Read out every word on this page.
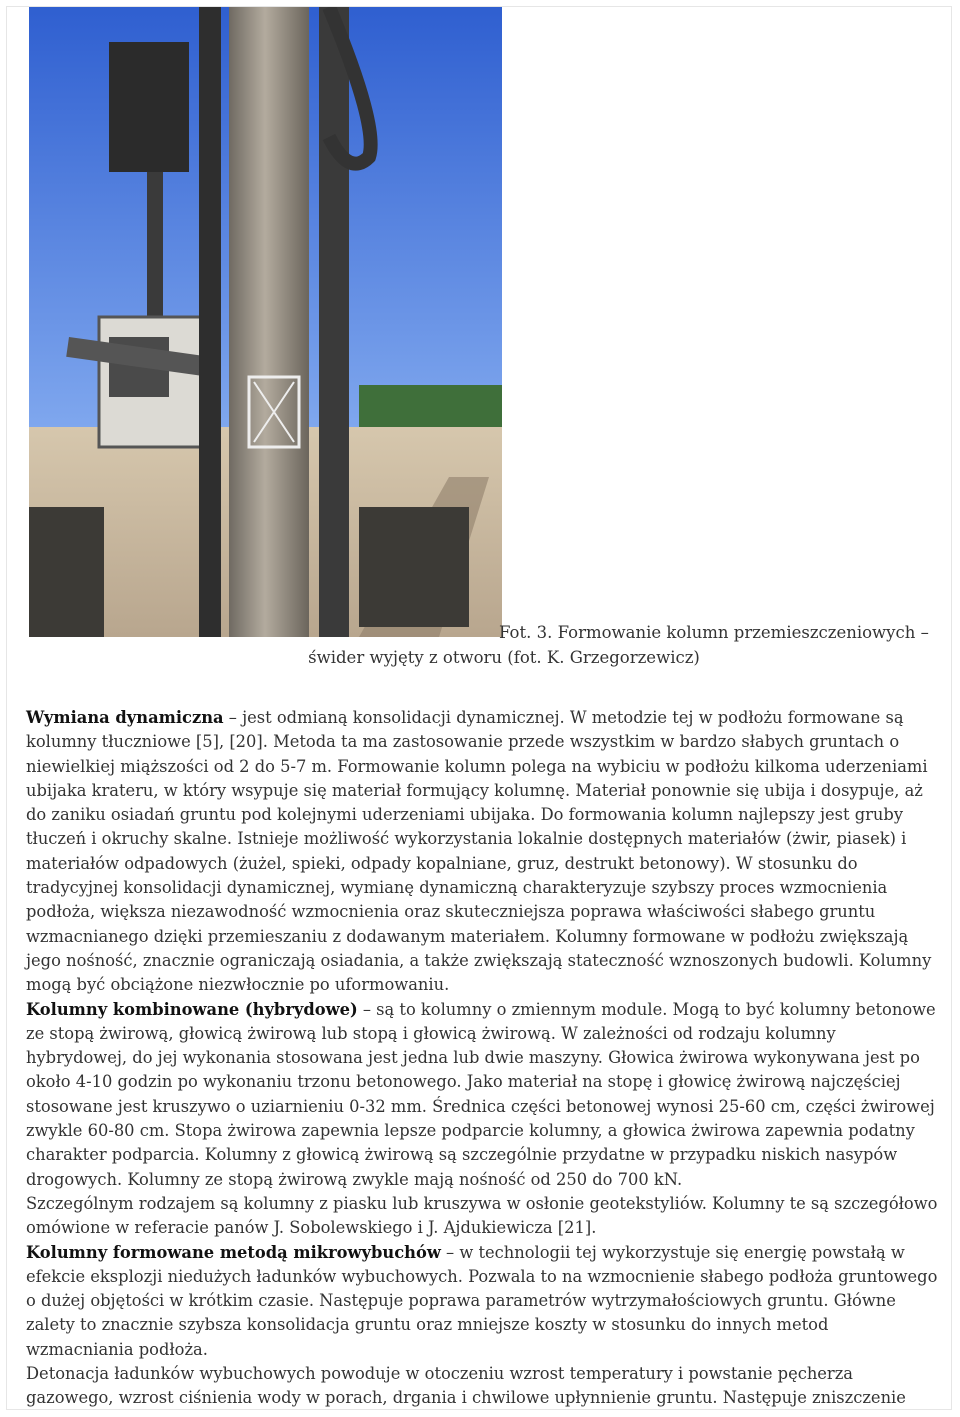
Fot. 3. Formowanie kolumn przemieszczeniowych –
świder wyjęty z otworu (fot. K. Grzegorzewicz)

Wymiana dynamiczna – jest odmianą konsolidacji dynamicznej. W metodzie tej w podłożu formowane są kolumny tłuczniowe [5], [20]. Metoda ta ma zastosowanie przede wszystkim w bardzo słabych gruntach o niewielkiej miąższości od 2 do 5-7 m. Formowanie kolumn polega na wybiciu w podłożu kilkoma uderzeniami ubijaka krateru, w który wsypuje się materiał formujący kolumnę. Materiał ponownie się ubija i dosypuje, aż do zaniku osiadań gruntu pod kolejnymi uderzeniami ubijaka. Do formowania kolumn najlepszy jest gruby tłuczeń i okruchy skalne. Istnieje możliwość wykorzystania lokalnie dostępnych materiałów (żwir, piasek) i materiałów odpadowych (żużel, spieki, odpady kopalniane, gruz, destrukt betonowy). W stosunku do tradycyjnej konsolidacji dynamicznej, wymianę dynamiczną charakteryzuje szybszy proces wzmocnienia podłoża, większa niezawodność wzmocnienia oraz skuteczniejsza poprawa właściwości słabego gruntu wzmacnianego dzięki przemieszaniu z dodawanym materiałem. Kolumny formowane w podłożu zwiększają jego nośność, znacznie ograniczają osiadania, a także zwiększają stateczność wznoszonych budowli. Kolumny mogą być obciążone niezwłocznie po uformowaniu.

Kolumny kombinowane (hybrydowe) – są to kolumny o zmiennym module. Mogą to być kolumny betonowe ze stopą żwirową, głowicą żwirową lub stopą i głowicą żwirową. W zależności od rodzaju kolumny hybrydowej, do jej wykonania stosowana jest jedna lub dwie maszyny. Głowica żwirowa wykonywana jest po około 4-10 godzin po wykonaniu trzonu betonowego. Jako materiał na stopę i głowicę żwirową najczęściej stosowane jest kruszywo o uziarnieniu 0-32 mm. Średnica części betonowej wynosi 25-60 cm, części żwirowej zwykle 60-80 cm. Stopa żwirowa zapewnia lepsze podparcie kolumny, a głowica żwirowa zapewnia podatny charakter podparcia. Kolumny z głowicą żwirową są szczególnie przydatne w przypadku niskich nasypów drogowych. Kolumny ze stopą żwirową zwykle mają nośność od 250 do 700 kN.

Szczególnym rodzajem są kolumny z piasku lub kruszywa w osłonie geotekstyliów. Kolumny te są szczegółowo omówione w referacie panów J. Sobolewskiego i J. Ajdukiewicza [21].

Kolumny formowane metodą mikrowybuchów – w technologii tej wykorzystuje się energię powstałą w efekcie eksplozji niedużych ładunków wybuchowych. Pozwala to na wzmocnienie słabego podłoża gruntowego o dużej objętości w krótkim czasie. Następuje poprawa parametrów wytrzymałościowych gruntu. Główne zalety to znacznie szybsza konsolidacja gruntu oraz mniejsze koszty w stosunku do innych metod wzmacniania podłoża.

Detonacja ładunków wybuchowych powoduje w otoczeniu wzrost temperatury i powstanie pęcherza gazowego, wzrost ciśnienia wody w porach, drgania i chwilowe upłynnienie gruntu. Następuje zniszczenie
